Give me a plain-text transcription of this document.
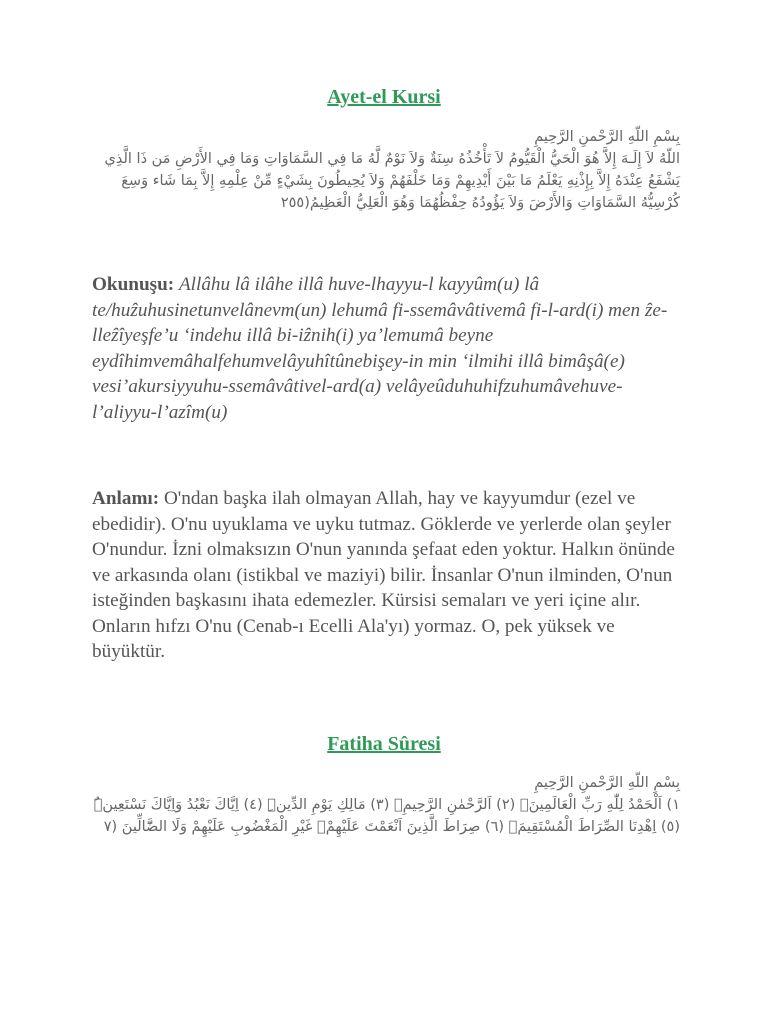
Ayet-el Kursi

بِسْمِ اللّهِ الرَّحْمنِ الرَّحِيمِ
اللّهُ لاَ إِلَـهَ إِلاَّ هُوَ الْحَيُّ الْقَيُّومُ لاَ تَأْخُذُهُ سِنَةٌ وَلاَ نَوْمٌ لَّهُ مَا فِي السَّمَاوَاتِ وَمَا فِي الأَرْضِ مَن ذَا الَّذِي يَشْفَعُ عِنْدَهُ إِلاَّ بِإِذْنِهِ يَعْلَمُ مَا بَيْنَ أَيْدِيهِمْ وَمَا خَلْفَهُمْ وَلاَ يُحِيطُونَ بِشَيْءٍ مِّنْ عِلْمِهِ إِلاَّ بِمَا شَاء وَسِعَ كُرْسِيُّهُ السَّمَاوَاتِ وَالأَرْضَ وَلاَ يَؤُودُهُ حِفْظُهُمَا وَهُوَ الْعَلِيُّ الْعَظِيمُ(٢٥٥

Okunuşu: Allâhu lâ ilâhe illâ huve-lhayyu-l kayyûm(u) lâ te/huẑuhusinetunvelânevm(un) lehumâ fi-ssemâvâtivemâ fi-l-ard(i) men ẑe-lleẑîyeşfe’u ‘indehu illâ bi-iẑnih(i) ya’lemumâ beyne eydîhimvemâhalfehumvelâyuhîtûnebişey-in min ‘ilmihi illâ bimâşâ(e) vesi’akursiyyuhu-ssemâvâtivel-ard(a) velâyeûduhuhifzuhumâvehuve-l’aliyyu-l’azîm(u)

Anlamı: O'ndan başka ilah olmayan Allah, hay ve kayyumdur (ezel ve ebedidir). O'nu uyuklama ve uyku tutmaz. Göklerde ve yerlerde olan şeyler O'nundur. İzni olmaksızın O'nun yanında şefaat eden yoktur. Halkın önünde ve arkasında olanı (istikbal ve maziyi) bilir. İnsanlar O'nun ilminden, O'nun isteğinden başkasını ihata edemezler. Kürsisi semaları ve yeri içine alır. Onların hıfzı O'nu (Cenab-ı Ecelli Ala'yı) yormaz. O, pek yüksek ve büyüktür.

Fatiha Sûresi

بِسْمِ اللّهِ الرَّحْمنِ الرَّحِيمِ
١) اَلْحَمْدُ لِلّٰهِ رَبِّ الْعَالَمِينَۙ (٢) اَلرَّحْمٰنِ الرَّحِيمِۙ (٣) مَالِكِ يَوْمِ الدِّينِۜ (٤) اِيَّاكَ نَعْبُدُ وَاِيَّاكَ نَسْتَعِينُۜ (٥) اِهْدِنَا الصِّرَاطَ الْمُسْتَقِيمَۙ (٦) صِرَاطَ الَّذِينَ اَنْعَمْتَ عَلَيْهِمْۙ غَيْرِ الْمَغْضُوبِ عَلَيْهِمْ وَلَا الضَّٓالِّينَ (٧
